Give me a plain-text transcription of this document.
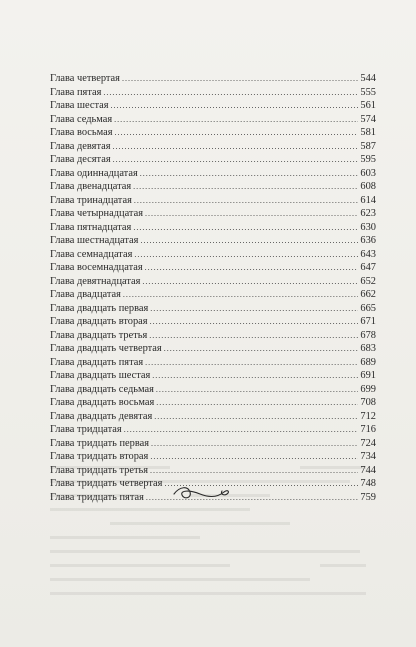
Глава четвертая .....	544
Глава пятая .....	555
Глава шестая .....	561
Глава седьмая .....	574
Глава восьмая .....	581
Глава девятая .....	587
Глава десятая .....	595
Глава одиннадцатая .....	603
Глава двенадцатая .....	608
Глава тринадцатая .....	614
Глава четырнадцатая .....	623
Глава пятнадцатая .....	630
Глава шестнадцатая .....	636
Глава семнадцатая .....	643
Глава восемнадцатая .....	647
Глава девятнадцатая .....	652
Глава двадцатая .....	662
Глава двадцать первая .....	665
Глава двадцать вторая .....	671
Глава двадцать третья .....	678
Глава двадцать четвертая .....	683
Глава двадцать пятая .....	689
Глава двадцать шестая .....	691
Глава двадцать седьмая .....	699
Глава двадцать восьмая .....	708
Глава двадцать девятая .....	712
Глава тридцатая .....	716
Глава тридцать первая .....	724
Глава тридцать вторая .....	734
Глава тридцать третья .....	744
Глава тридцать четвертая .....	748
Глава тридцать пятая .....	759
